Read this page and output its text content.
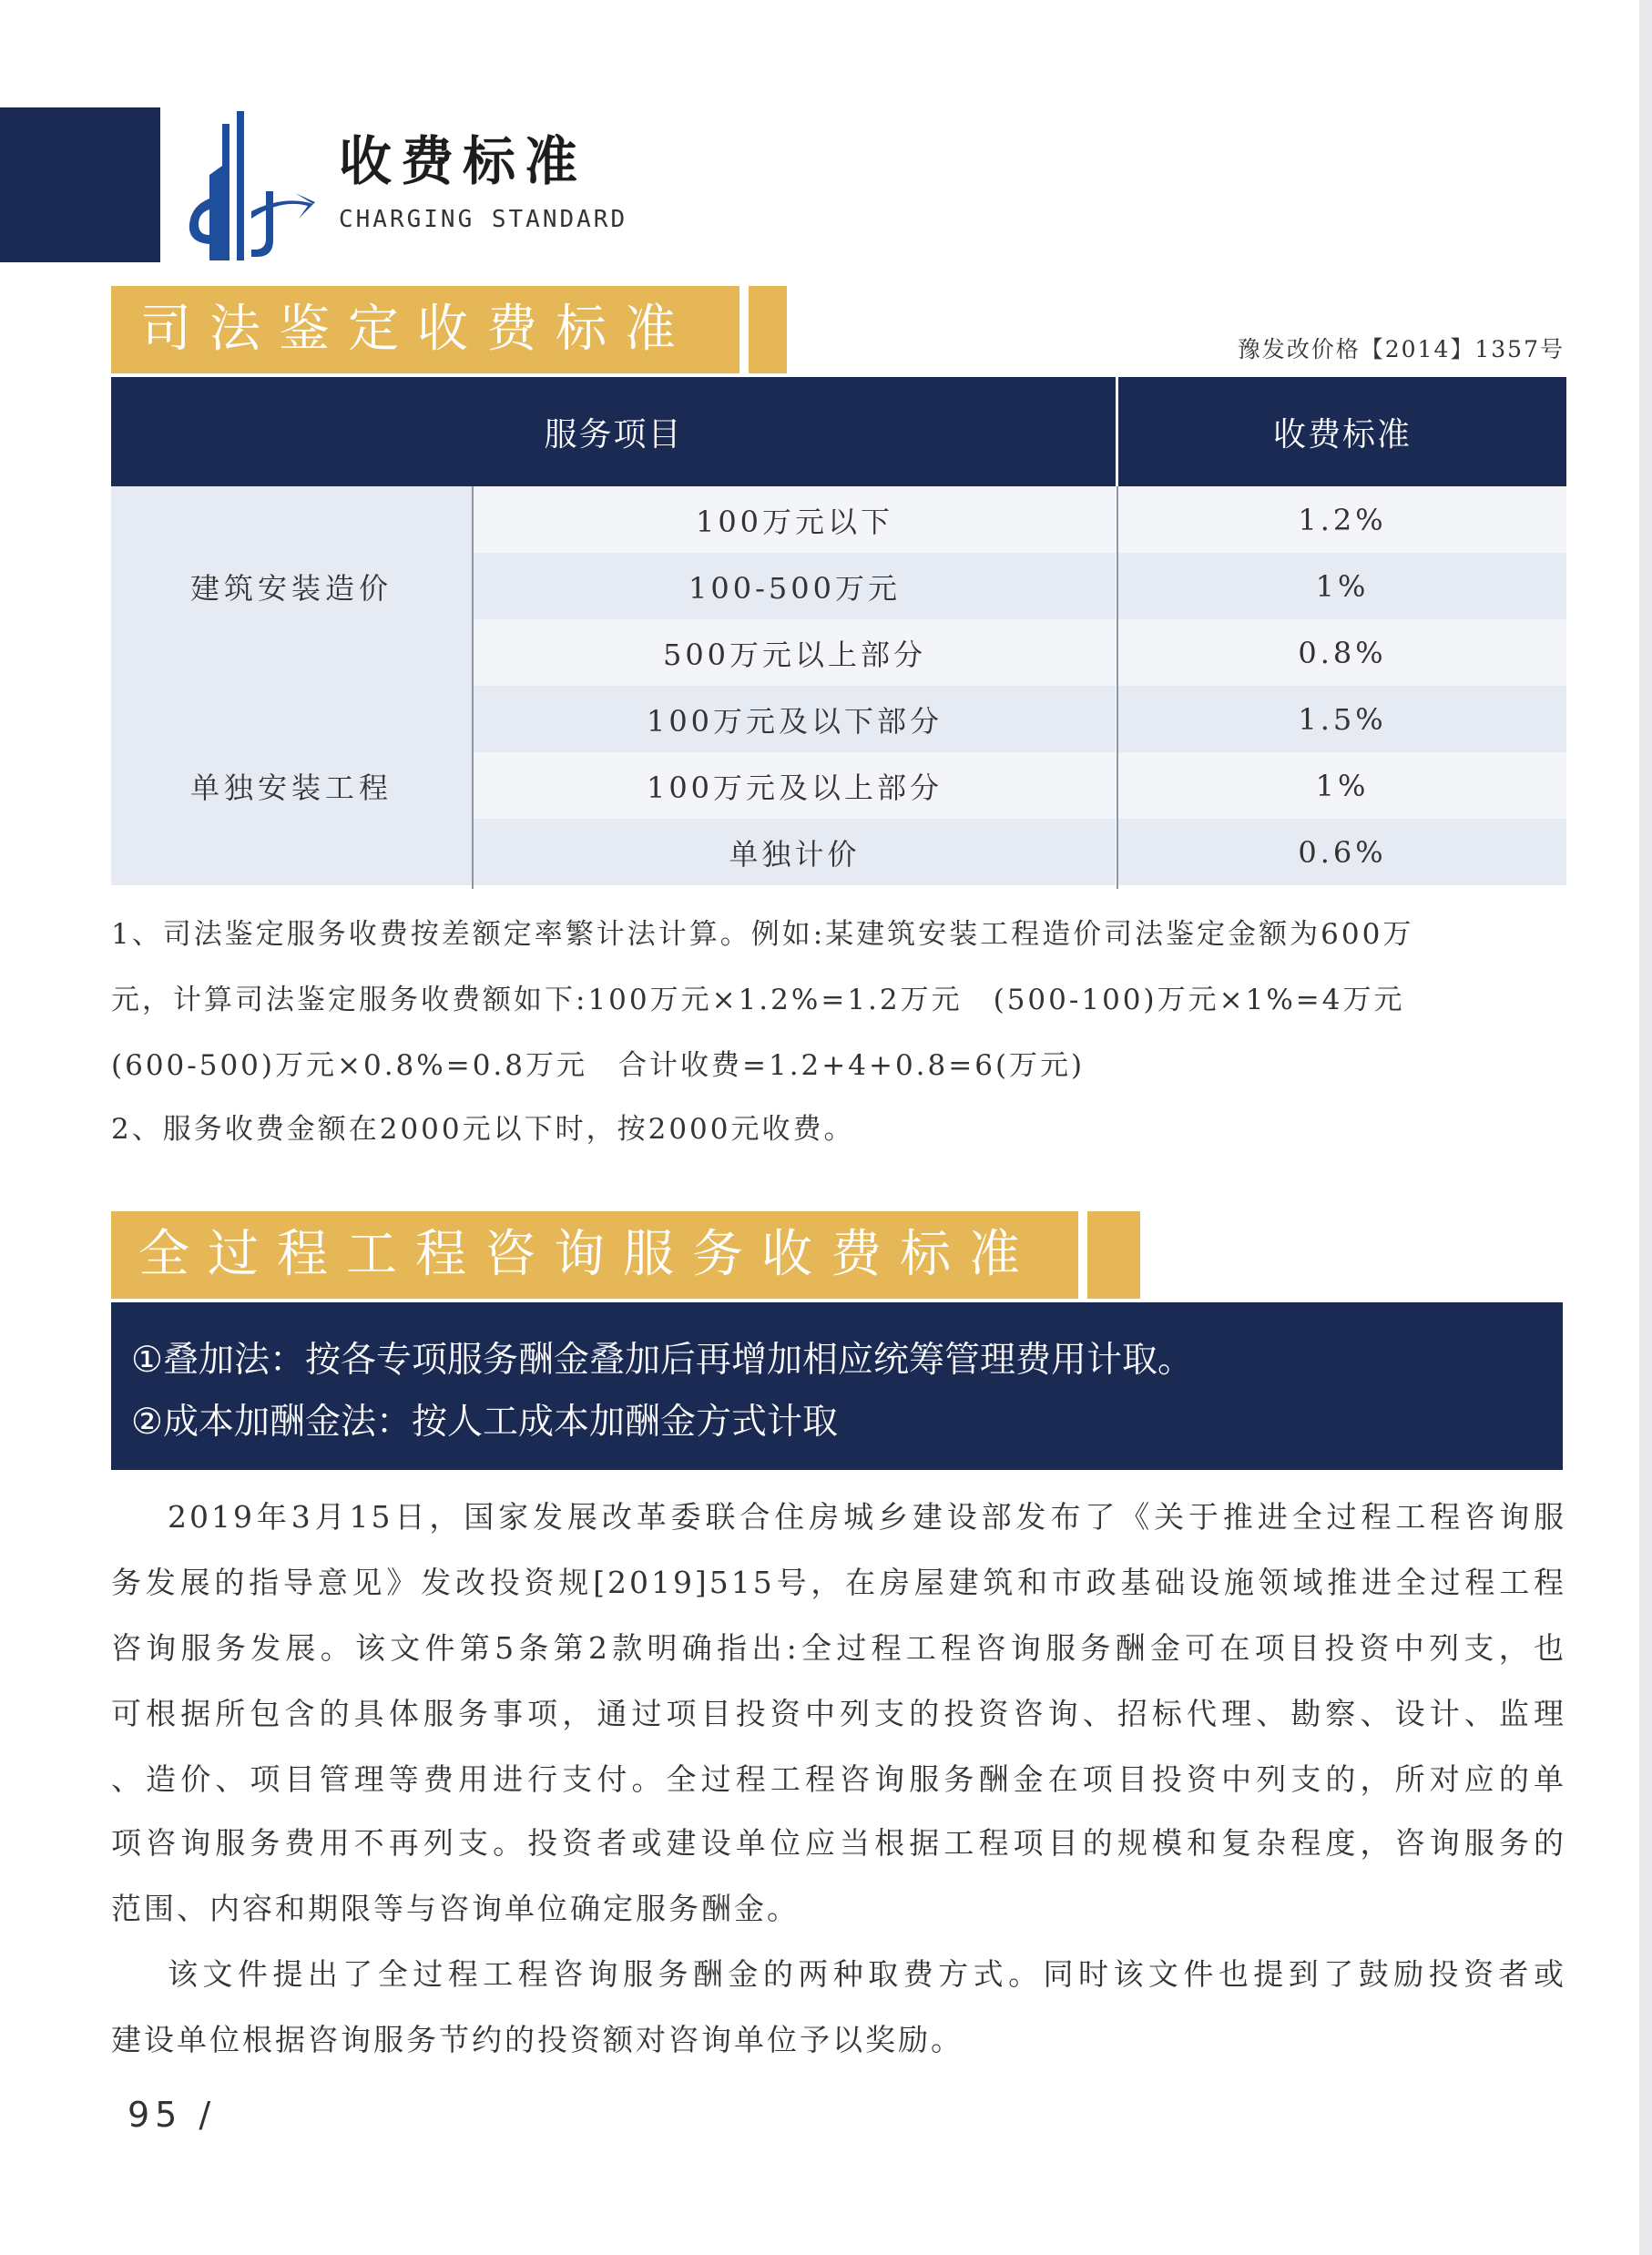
收费标准
CHARGING STANDARD
司法鉴定收费标准	豫发改价格【2014】1357号
服务项目	收费标准
建筑安装造价
100万元以下	1.2%
100-500万元	1%
500万元以上部分	0.8%
单独安装工程
100万元及以下部分	1.5%
100万元及以上部分	1%
单独计价	0.6%
1、司法鉴定服务收费按差额定率繁计法计算。例如:某建筑安装工程造价司法鉴定金额为600万
元，计算司法鉴定服务收费额如下:100万元×1.2%=1.2万元　(500-100)万元×1%=4万元
(600-500)万元×0.8%=0.8万元　合计收费=1.2+4+0.8=6(万元)
2、服务收费金额在2000元以下时，按2000元收费。
全过程工程咨询服务收费标准
①叠加法：按各专项服务酬金叠加后再增加相应统筹管理费用计取。
②成本加酬金法：按人工成本加酬金方式计取
2019年3月15日，国家发展改革委联合住房城乡建设部发布了《关于推进全过程工程咨询服
务发展的指导意见》发改投资规[2019]515号，在房屋建筑和市政基础设施领域推进全过程工程
咨询服务发展。该文件第5条第2款明确指出:全过程工程咨询服务酬金可在项目投资中列支，也
可根据所包含的具体服务事项，通过项目投资中列支的投资咨询、招标代理、勘察、设计、监理
、造价、项目管理等费用进行支付。全过程工程咨询服务酬金在项目投资中列支的，所对应的单
项咨询服务费用不再列支。投资者或建设单位应当根据工程项目的规模和复杂程度，咨询服务的
范围、内容和期限等与咨询单位确定服务酬金。
该文件提出了全过程工程咨询服务酬金的两种取费方式。同时该文件也提到了鼓励投资者或
建设单位根据咨询服务节约的投资额对咨询单位予以奖励。
95 /
